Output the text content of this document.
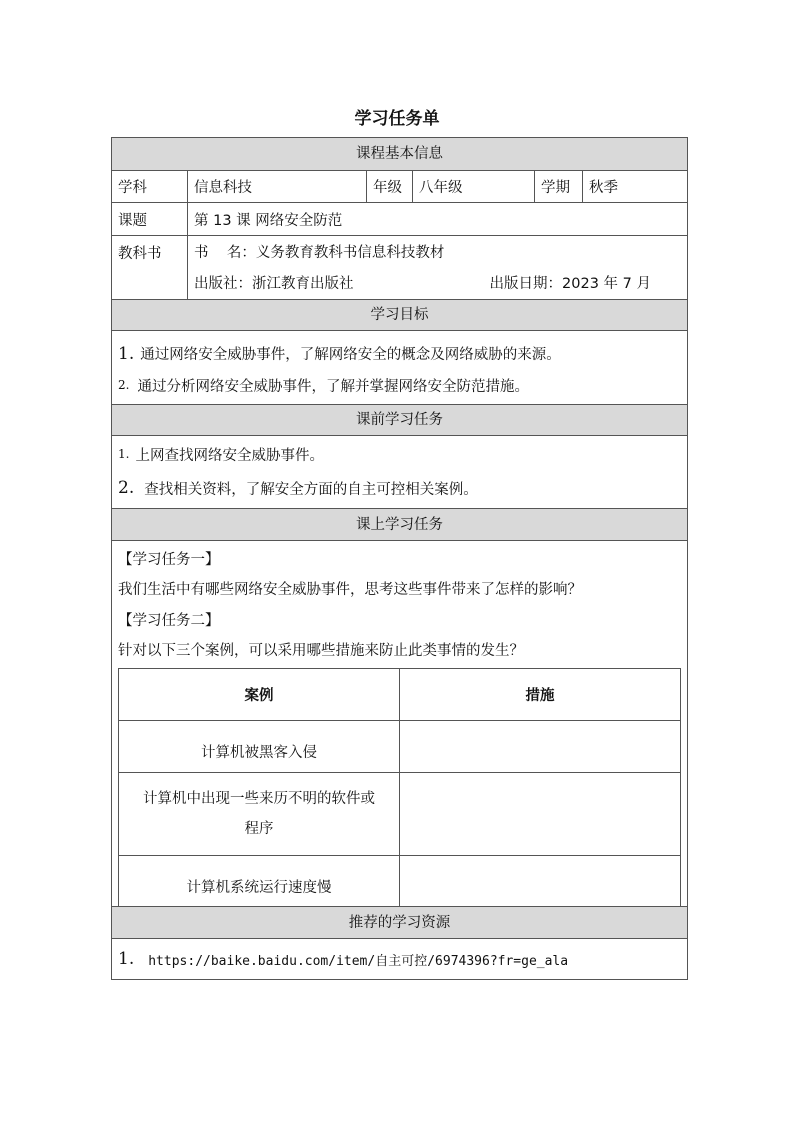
学习任务单
课程基本信息
学科	信息科技	年级	八年级	学期	秋季
课题	第 13 课 网络安全防范
教科书	书    名：义务教育教科书信息科技教材
出版社：浙江教育出版社	出版日期：2023 年 7 月
学习目标
1. 通过网络安全威胁事件，了解网络安全的概念及网络威胁的来源。
2. 通过分析网络安全威胁事件，了解并掌握网络安全防范措施。
课前学习任务
1. 上网查找网络安全威胁事件。
2. 查找相关资料，了解安全方面的自主可控相关案例。
课上学习任务
【学习任务一】
我们生活中有哪些网络安全威胁事件，思考这些事件带来了怎样的影响？
【学习任务二】
针对以下三个案例，可以采用哪些措施来防止此类事情的发生？
案例	措施
计算机被黑客入侵	
计算机中出现一些来历不明的软件或
程序	
计算机系统运行速度慢	
推荐的学习资源
1. https://baike.baidu.com/item/自主可控/6974396?fr=ge_ala
